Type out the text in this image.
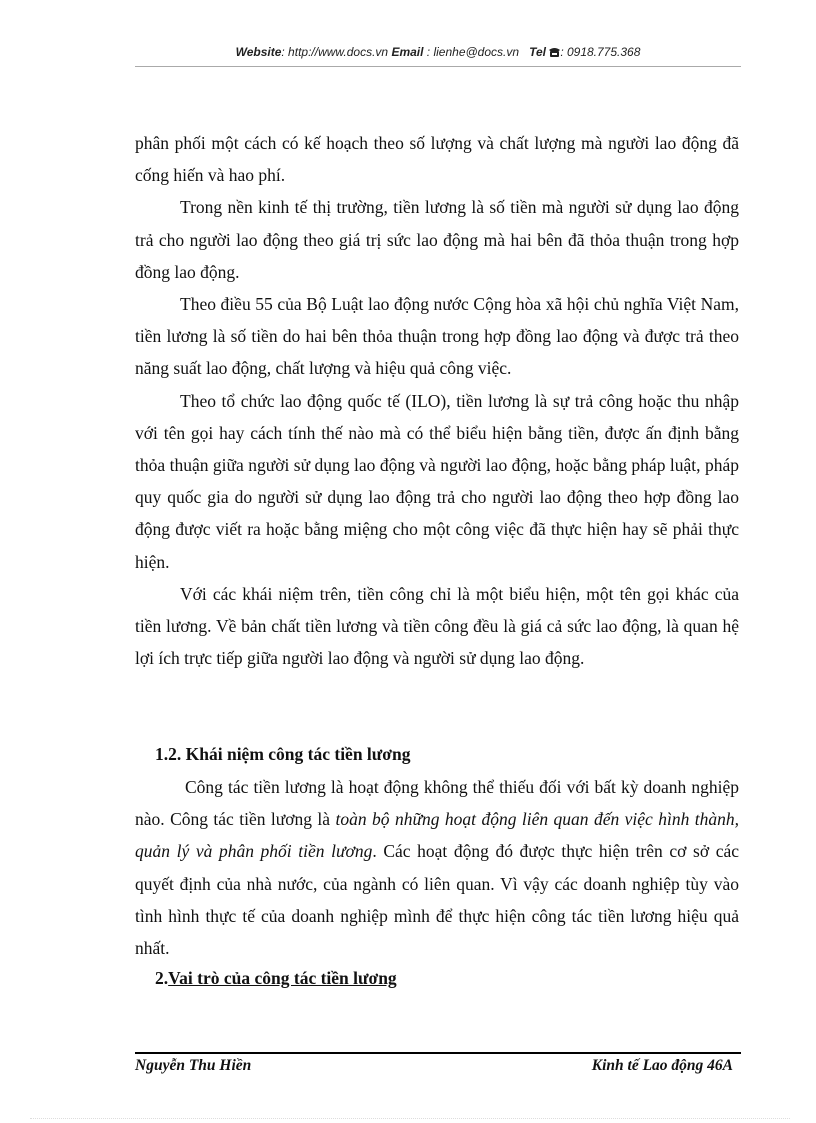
Website: http://www.docs.vn Email : lienhe@docs.vn Tel : 0918.775.368

phân phối một cách có kế hoạch theo số lượng và chất lượng mà người lao động đã cống hiến và hao phí.

Trong nền kinh tế thị trường, tiền lương là số tiền mà người sử dụng lao động trả cho người lao động theo giá trị sức lao động mà hai bên đã thỏa thuận trong hợp đồng lao động.

Theo điều 55 của Bộ Luật lao động nước Cộng hòa xã hội chủ nghĩa Việt Nam, tiền lương là số tiền do hai bên thỏa thuận trong hợp đồng lao động và được trả theo năng suất lao động, chất lượng và hiệu quả công việc.

Theo tổ chức lao động quốc tế (ILO), tiền lương là sự trả công hoặc thu nhập với tên gọi hay cách tính thế nào mà có thể biểu hiện bằng tiền, được ấn định bằng thỏa thuận giữa người sử dụng lao động và người lao động, hoặc bằng pháp luật, pháp quy quốc gia do người sử dụng lao động trả cho người lao động theo hợp đồng lao động được viết ra hoặc bằng miệng cho một công việc đã thực hiện hay sẽ phải thực hiện.

Với các khái niệm trên, tiền công chỉ là một biểu hiện, một tên gọi khác của tiền lương. Về bản chất tiền lương và tiền công đều là giá cả sức lao động, là quan hệ lợi ích trực tiếp giữa người lao động và người sử dụng lao động.

1.2. Khái niệm công tác tiền lương

Công tác tiền lương là hoạt động không thể thiếu đối với bất kỳ doanh nghiệp nào. Công tác tiền lương là toàn bộ những hoạt động liên quan đến việc hình thành, quản lý và phân phối tiền lương. Các hoạt động đó được thực hiện trên cơ sở các quyết định của nhà nước, của ngành có liên quan. Vì vậy các doanh nghiệp tùy vào tình hình thực tế của doanh nghiệp mình để thực hiện công tác tiền lương hiệu quả nhất.

2.Vai trò của công tác tiền lương
Nguyễn Thu Hiền	Kinh tế Lao động 46A
